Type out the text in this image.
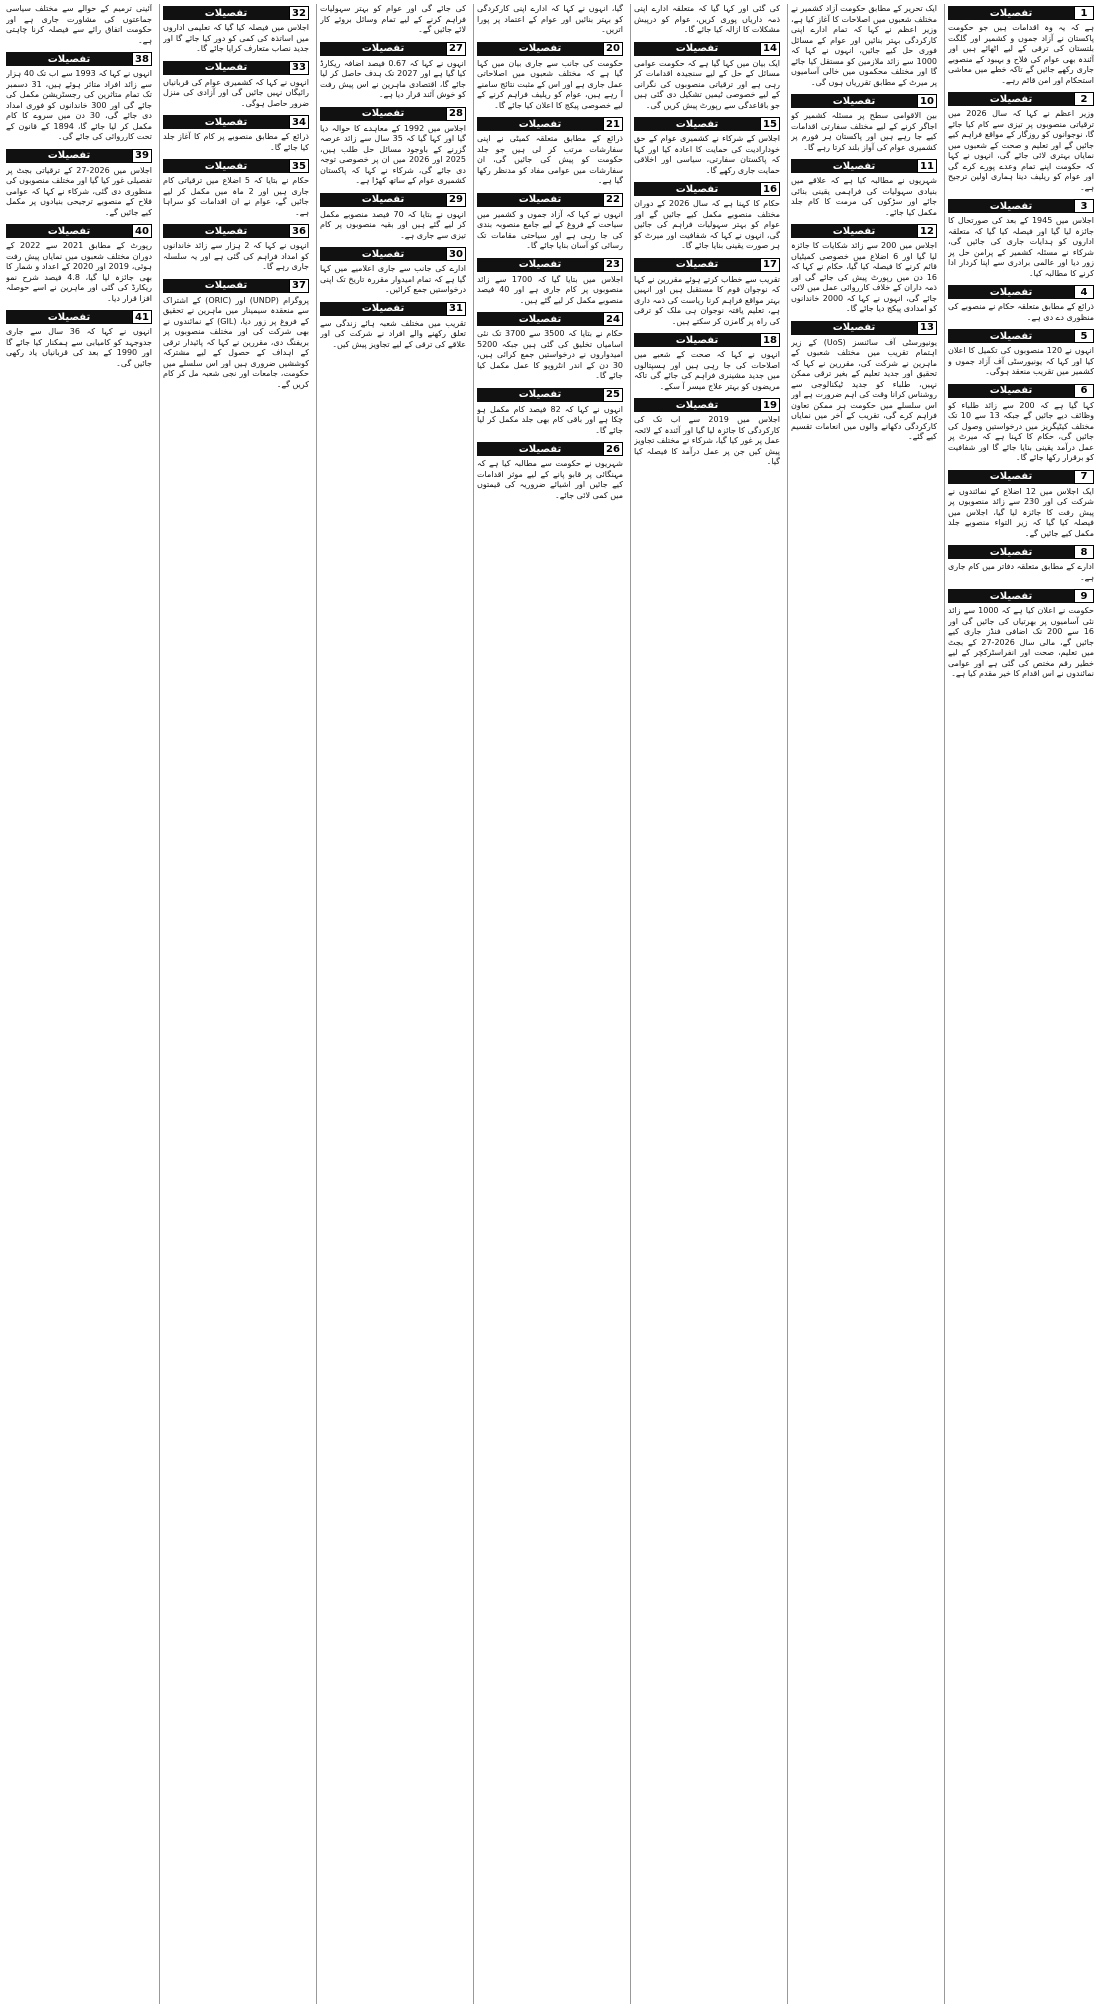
1
تفصیلات

ہے کہ یہ وہ اقدامات ہیں جو حکومت پاکستان نے آزاد جموں و کشمیر اور گلگت بلتستان کی ترقی کے لیے اٹھائے ہیں اور آئندہ بھی عوام کی فلاح و بہبود کے منصوبے جاری رکھے جائیں گے تاکہ خطے میں معاشی استحکام اور امن قائم رہے۔

2
تفصیلات

وزیر اعظم نے کہا کہ سال 2026 میں ترقیاتی منصوبوں پر تیزی سے کام کیا جائے گا، نوجوانوں کو روزگار کے مواقع فراہم کیے جائیں گے اور تعلیم و صحت کے شعبوں میں نمایاں بہتری لائی جائے گی، انہوں نے کہا کہ حکومت اپنے تمام وعدے پورے کرے گی اور عوام کو ریلیف دینا ہماری اولین ترجیح ہے۔

3
تفصیلات

اجلاس میں 1945 کے بعد کی صورتحال کا جائزہ لیا گیا اور فیصلہ کیا گیا کہ متعلقہ اداروں کو ہدایات جاری کی جائیں گی، شرکاء نے مسئلہ کشمیر کے پرامن حل پر زور دیا اور عالمی برادری سے اپنا کردار ادا کرنے کا مطالبہ کیا۔

4
تفصیلات

ذرائع کے مطابق متعلقہ حکام نے منصوبے کی منظوری دے دی ہے۔

5
تفصیلات

انہوں نے 120 منصوبوں کی تکمیل کا اعلان کیا اور کہا کہ یونیورسٹی آف آزاد جموں و کشمیر میں تقریب منعقد ہوگی۔

6
تفصیلات

کہا گیا ہے کہ 200 سے زائد طلباء کو وظائف دیے جائیں گے جبکہ 13 سے 10 تک مختلف کیٹیگریز میں درخواستیں وصول کی جائیں گی، حکام کا کہنا ہے کہ میرٹ پر عمل درآمد یقینی بنایا جائے گا اور شفافیت کو برقرار رکھا جائے گا۔

7
تفصیلات

ایک اجلاس میں 12 اضلاع کے نمائندوں نے شرکت کی اور 230 سے زائد منصوبوں پر پیش رفت کا جائزہ لیا گیا، اجلاس میں فیصلہ کیا گیا کہ زیر التواء منصوبے جلد مکمل کیے جائیں گے۔

8
تفصیلات

ادارے کے مطابق متعلقہ دفاتر میں کام جاری ہے۔

9
تفصیلات

حکومت نے اعلان کیا ہے کہ 1000 سے زائد نئی آسامیوں پر بھرتیاں کی جائیں گی اور 16 سے 200 تک اضافی فنڈز جاری کیے جائیں گے، مالی سال 2026-27 کے بجٹ میں تعلیم، صحت اور انفراسٹرکچر کے لیے خطیر رقم مختص کی گئی ہے اور عوامی نمائندوں نے اس اقدام کا خیر مقدم کیا ہے۔

ایک تحریر کے مطابق حکومت آزاد کشمیر نے مختلف شعبوں میں اصلاحات کا آغاز کیا ہے، وزیر اعظم نے کہا کہ تمام ادارے اپنی کارکردگی بہتر بنائیں اور عوام کے مسائل فوری حل کیے جائیں، انہوں نے کہا کہ 1000 سے زائد ملازمین کو مستقل کیا جائے گا اور مختلف محکموں میں خالی آسامیوں پر میرٹ کے مطابق تقرریاں ہوں گی۔

10
تفصیلات

بین الاقوامی سطح پر مسئلہ کشمیر کو اجاگر کرنے کے لیے مختلف سفارتی اقدامات کیے جا رہے ہیں اور پاکستان ہر فورم پر کشمیری عوام کی آواز بلند کرتا رہے گا۔

11
تفصیلات

شہریوں نے مطالبہ کیا ہے کہ علاقے میں بنیادی سہولیات کی فراہمی یقینی بنائی جائے اور سڑکوں کی مرمت کا کام جلد مکمل کیا جائے۔

12
تفصیلات

اجلاس میں 200 سے زائد شکایات کا جائزہ لیا گیا اور 6 اضلاع میں خصوصی کمیٹیاں قائم کرنے کا فیصلہ کیا گیا، حکام نے کہا کہ 16 دن میں رپورٹ پیش کی جائے گی اور ذمہ داران کے خلاف کارروائی عمل میں لائی جائے گی، انہوں نے کہا کہ 2000 خاندانوں کو امدادی پیکج دیا جائے گا۔

13
تفصیلات

یونیورسٹی آف سائنسز (UoS) کے زیر اہتمام تقریب میں مختلف شعبوں کے ماہرین نے شرکت کی، مقررین نے کہا کہ تحقیق اور جدید تعلیم کے بغیر ترقی ممکن نہیں، طلباء کو جدید ٹیکنالوجی سے روشناس کرانا وقت کی اہم ضرورت ہے اور اس سلسلے میں حکومت ہر ممکن تعاون فراہم کرے گی، تقریب کے آخر میں نمایاں کارکردگی دکھانے والوں میں انعامات تقسیم کیے گئے۔

کی گئی اور کہا گیا کہ متعلقہ ادارے اپنی ذمہ داریاں پوری کریں، عوام کو درپیش مشکلات کا ازالہ کیا جائے گا۔

14
تفصیلات

ایک بیان میں کہا گیا ہے کہ حکومت عوامی مسائل کے حل کے لیے سنجیدہ اقدامات کر رہی ہے اور ترقیاتی منصوبوں کی نگرانی کے لیے خصوصی ٹیمیں تشکیل دی گئی ہیں جو باقاعدگی سے رپورٹ پیش کریں گی۔

15
تفصیلات

اجلاس کے شرکاء نے کشمیری عوام کے حق خودارادیت کی حمایت کا اعادہ کیا اور کہا کہ پاکستان سفارتی، سیاسی اور اخلاقی حمایت جاری رکھے گا۔

16
تفصیلات

حکام کا کہنا ہے کہ سال 2026 کے دوران مختلف منصوبے مکمل کیے جائیں گے اور عوام کو بہتر سہولیات فراہم کی جائیں گی، انہوں نے کہا کہ شفافیت اور میرٹ کو ہر صورت یقینی بنایا جائے گا۔

17
تفصیلات

تقریب سے خطاب کرتے ہوئے مقررین نے کہا کہ نوجوان قوم کا مستقبل ہیں اور انہیں بہتر مواقع فراہم کرنا ریاست کی ذمہ داری ہے، تعلیم یافتہ نوجوان ہی ملک کو ترقی کی راہ پر گامزن کر سکتے ہیں۔

18
تفصیلات

انہوں نے کہا کہ صحت کے شعبے میں اصلاحات کی جا رہی ہیں اور ہسپتالوں میں جدید مشینری فراہم کی جائے گی تاکہ مریضوں کو بہتر علاج میسر آ سکے۔

19
تفصیلات

اجلاس میں 2019 سے اب تک کی کارکردگی کا جائزہ لیا گیا اور آئندہ کے لائحہ عمل پر غور کیا گیا، شرکاء نے مختلف تجاویز پیش کیں جن پر عمل درآمد کا فیصلہ کیا گیا۔

گیا، انہوں نے کہا کہ ادارے اپنی کارکردگی کو بہتر بنائیں اور عوام کے اعتماد پر پورا اتریں۔

20
تفصیلات

حکومت کی جانب سے جاری بیان میں کہا گیا ہے کہ مختلف شعبوں میں اصلاحاتی عمل جاری ہے اور اس کے مثبت نتائج سامنے آ رہے ہیں، عوام کو ریلیف فراہم کرنے کے لیے خصوصی پیکج کا اعلان کیا جائے گا۔

21
تفصیلات

ذرائع کے مطابق متعلقہ کمیٹی نے اپنی سفارشات مرتب کر لی ہیں جو جلد حکومت کو پیش کی جائیں گی، ان سفارشات میں عوامی مفاد کو مدنظر رکھا گیا ہے۔

22
تفصیلات

انہوں نے کہا کہ آزاد جموں و کشمیر میں سیاحت کے فروغ کے لیے جامع منصوبہ بندی کی جا رہی ہے اور سیاحتی مقامات تک رسائی کو آسان بنایا جائے گا۔

23
تفصیلات

اجلاس میں بتایا گیا کہ 1700 سے زائد منصوبوں پر کام جاری ہے اور 40 فیصد منصوبے مکمل کر لیے گئے ہیں۔

24
تفصیلات

حکام نے بتایا کہ 3500 سے 3700 تک نئی اسامیاں تخلیق کی گئی ہیں جبکہ 5200 امیدواروں نے درخواستیں جمع کرائی ہیں، 30 دن کے اندر انٹرویو کا عمل مکمل کیا جائے گا۔

25
تفصیلات

انہوں نے کہا کہ 82 فیصد کام مکمل ہو چکا ہے اور باقی کام بھی جلد مکمل کر لیا جائے گا۔

26
تفصیلات

شہریوں نے حکومت سے مطالبہ کیا ہے کہ مہنگائی پر قابو پانے کے لیے موثر اقدامات کیے جائیں اور اشیائے ضروریہ کی قیمتوں میں کمی لائی جائے۔

کی جائے گی اور عوام کو بہتر سہولیات فراہم کرنے کے لیے تمام وسائل بروئے کار لائے جائیں گے۔

27
تفصیلات

انہوں نے کہا کہ 0.67 فیصد اضافہ ریکارڈ کیا گیا ہے اور 2027 تک ہدف حاصل کر لیا جائے گا، اقتصادی ماہرین نے اس پیش رفت کو خوش آئند قرار دیا ہے۔

28
تفصیلات

اجلاس میں 1992 کے معاہدے کا حوالہ دیا گیا اور کہا گیا کہ 35 سال سے زائد عرصہ گزرنے کے باوجود مسائل حل طلب ہیں، 2025 اور 2026 میں ان پر خصوصی توجہ دی جائے گی، شرکاء نے کہا کہ پاکستان کشمیری عوام کے ساتھ کھڑا ہے۔

29
تفصیلات

انہوں نے بتایا کہ 70 فیصد منصوبے مکمل کر لیے گئے ہیں اور بقیہ منصوبوں پر کام تیزی سے جاری ہے۔

30
تفصیلات

ادارے کی جانب سے جاری اعلامیے میں کہا گیا ہے کہ تمام امیدوار مقررہ تاریخ تک اپنی درخواستیں جمع کرائیں۔

31
تفصیلات

تقریب میں مختلف شعبہ ہائے زندگی سے تعلق رکھنے والے افراد نے شرکت کی اور علاقے کی ترقی کے لیے تجاویز پیش کیں۔

32
تفصیلات

اجلاس میں فیصلہ کیا گیا کہ تعلیمی اداروں میں اساتذہ کی کمی کو دور کیا جائے گا اور جدید نصاب متعارف کرایا جائے گا۔

33
تفصیلات

انہوں نے کہا کہ کشمیری عوام کی قربانیاں رائیگاں نہیں جائیں گی اور آزادی کی منزل ضرور حاصل ہوگی۔

34
تفصیلات

ذرائع کے مطابق منصوبے پر کام کا آغاز جلد کیا جائے گا۔

35
تفصیلات

حکام نے بتایا کہ 5 اضلاع میں ترقیاتی کام جاری ہیں اور 2 ماہ میں مکمل کر لیے جائیں گے، عوام نے ان اقدامات کو سراہا ہے۔

36
تفصیلات

انہوں نے کہا کہ 2 ہزار سے زائد خاندانوں کو امداد فراہم کی گئی ہے اور یہ سلسلہ جاری رہے گا۔

37
تفصیلات

پروگرام (UNDP) اور (ORIC) کے اشتراک سے منعقدہ سیمینار میں ماہرین نے تحقیق کے فروغ پر زور دیا، (GIL) کے نمائندوں نے بھی شرکت کی اور مختلف منصوبوں پر بریفنگ دی، مقررین نے کہا کہ پائیدار ترقی کے اہداف کے حصول کے لیے مشترکہ کوششیں ضروری ہیں اور اس سلسلے میں حکومت، جامعات اور نجی شعبہ مل کر کام کریں گے۔

آئینی ترمیم کے حوالے سے مختلف سیاسی جماعتوں کی مشاورت جاری ہے اور حکومت اتفاق رائے سے فیصلہ کرنا چاہتی ہے۔

38
تفصیلات

انہوں نے کہا کہ 1993 سے اب تک 40 ہزار سے زائد افراد متاثر ہوئے ہیں، 31 دسمبر تک تمام متاثرین کی رجسٹریشن مکمل کی جائے گی اور 300 خاندانوں کو فوری امداد دی جائے گی، 30 دن میں سروے کا کام مکمل کر لیا جائے گا، 1894 کے قانون کے تحت کارروائی کی جائے گی۔

39
تفصیلات

اجلاس میں 2026-27 کے ترقیاتی بجٹ پر تفصیلی غور کیا گیا اور مختلف منصوبوں کی منظوری دی گئی، شرکاء نے کہا کہ عوامی فلاح کے منصوبے ترجیحی بنیادوں پر مکمل کیے جائیں گے۔

40
تفصیلات

رپورٹ کے مطابق 2021 سے 2022 کے دوران مختلف شعبوں میں نمایاں پیش رفت ہوئی، 2019 اور 2020 کے اعداد و شمار کا بھی جائزہ لیا گیا، 4.8 فیصد شرح نمو ریکارڈ کی گئی اور ماہرین نے اسے حوصلہ افزا قرار دیا۔

41
تفصیلات

انہوں نے کہا کہ 36 سال سے جاری جدوجہد کو کامیابی سے ہمکنار کیا جائے گا اور 1990 کے بعد کی قربانیاں یاد رکھی جائیں گی۔
